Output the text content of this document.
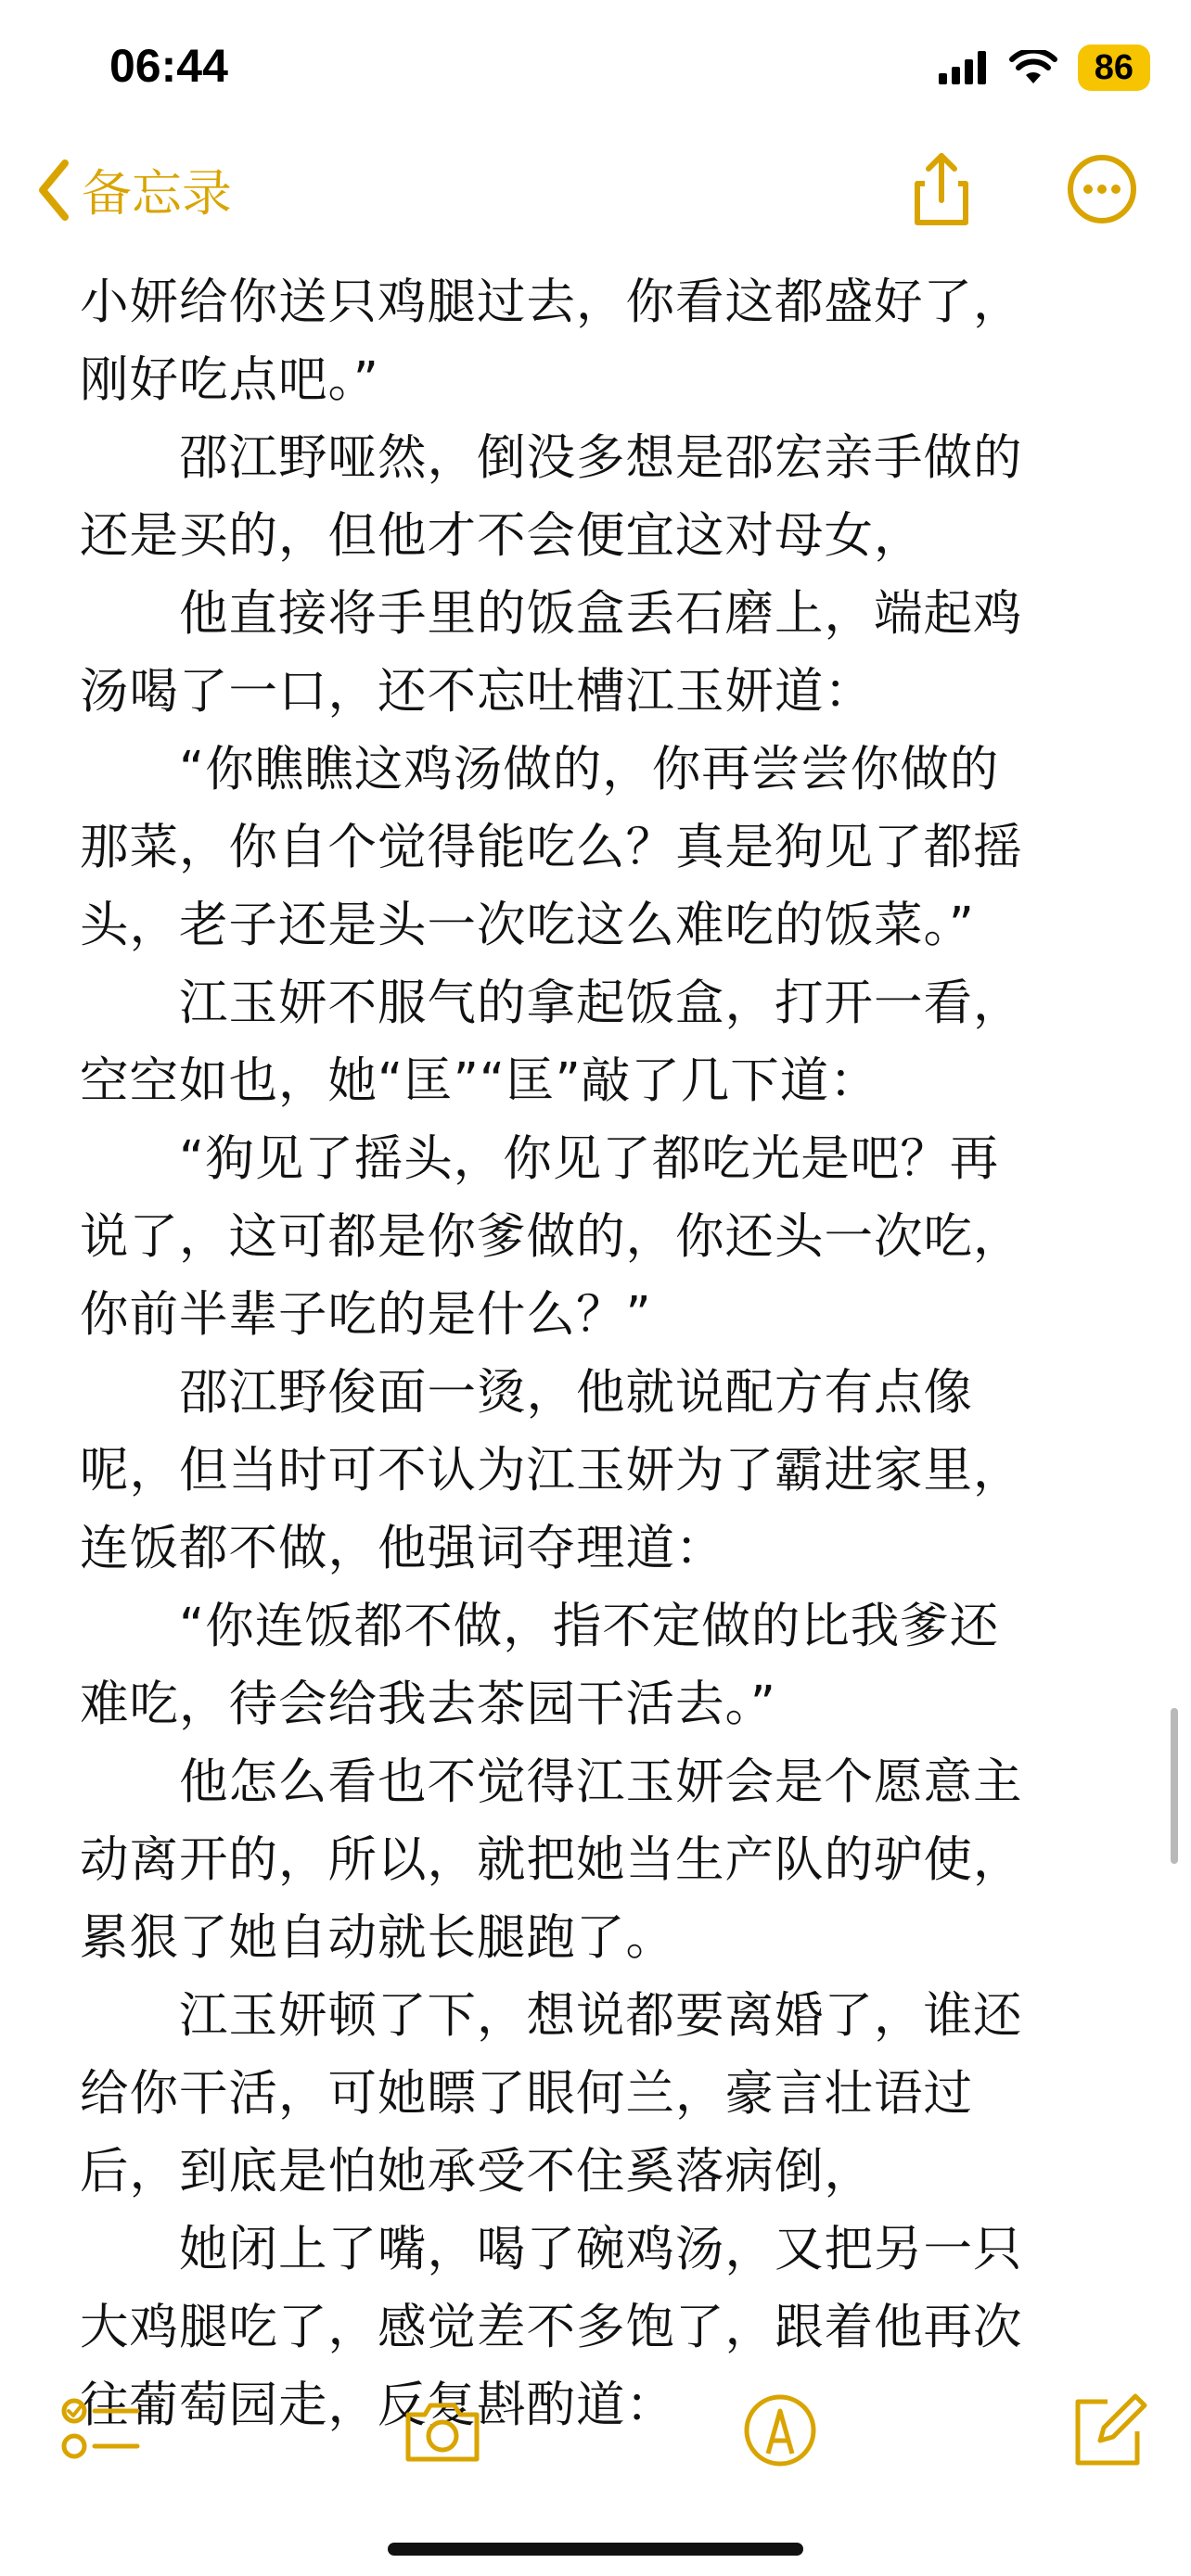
06:44	86
备忘录

小妍给你送只鸡腿过去，你看这都盛好了，

刚好吃点吧。”

　　邵江野哑然，倒没多想是邵宏亲手做的

还是买的，但他才不会便宜这对母女，

　　他直接将手里的饭盒丢石磨上，端起鸡

汤喝了一口，还不忘吐槽江玉妍道：

　　“你瞧瞧这鸡汤做的，你再尝尝你做的

那菜，你自个觉得能吃么？真是狗见了都摇

头，老子还是头一次吃这么难吃的饭菜。”

　　江玉妍不服气的拿起饭盒，打开一看，

空空如也，她“匡”“匡”敲了几下道：

　　“狗见了摇头，你见了都吃光是吧？再

说了，这可都是你爹做的，你还头一次吃，

你前半辈子吃的是什么？”

　　邵江野俊面一烫，他就说配方有点像

呢，但当时可不认为江玉妍为了霸进家里，

连饭都不做，他强词夺理道：

　　“你连饭都不做，指不定做的比我爹还

难吃，待会给我去茶园干活去。”

　　他怎么看也不觉得江玉妍会是个愿意主

动离开的，所以，就把她当生产队的驴使，

累狠了她自动就长腿跑了。

　　江玉妍顿了下，想说都要离婚了，谁还

给你干活，可她瞟了眼何兰，豪言壮语过

后，到底是怕她承受不住奚落病倒，

　　她闭上了嘴，喝了碗鸡汤，又把另一只

大鸡腿吃了，感觉差不多饱了，跟着他再次

往葡萄园走，反复斟酌道：
